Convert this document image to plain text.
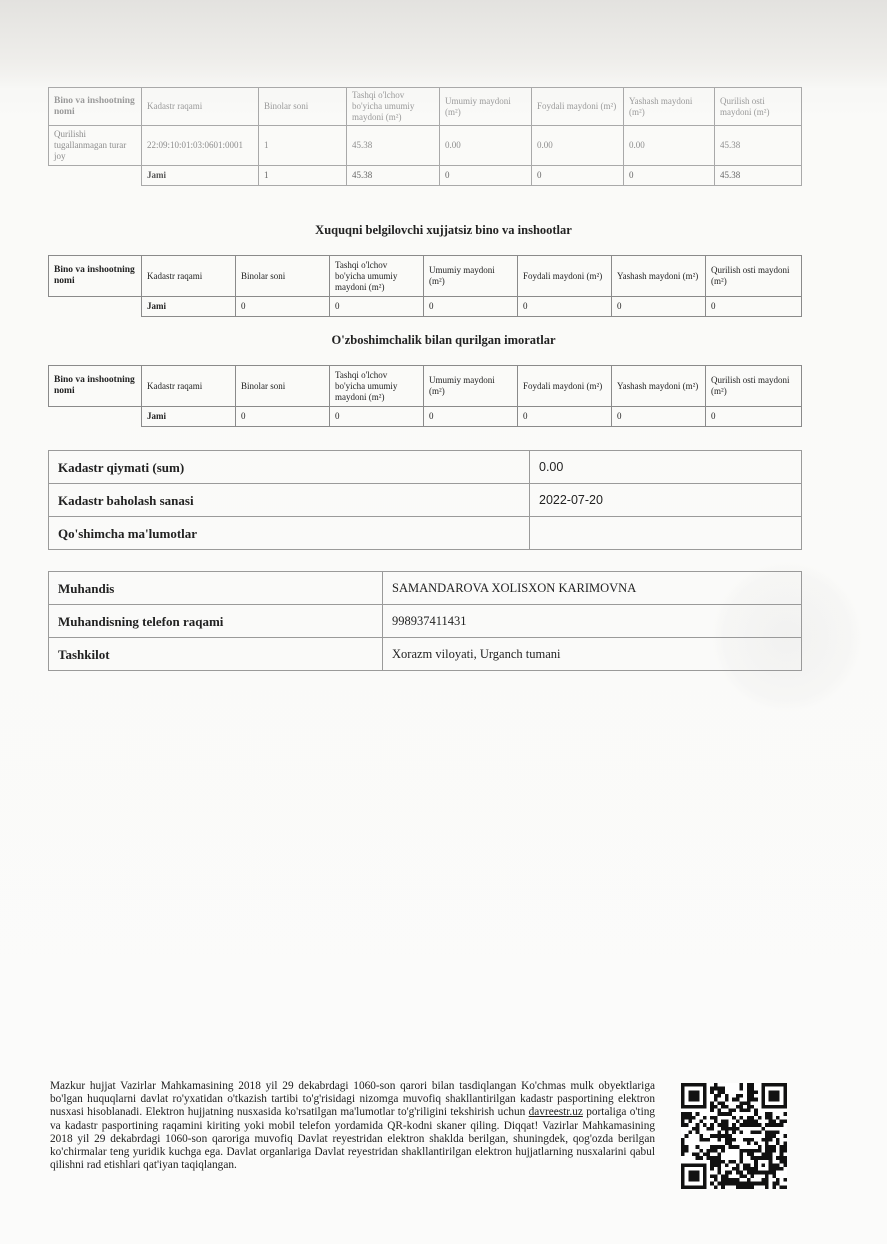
Bino va inshootning nomi	Kadastr raqami	Binolar soni	Tashqi o'lchov bo'yicha umumiy maydoni (m²)	Umumiy maydoni (m²)	Foydali maydoni (m²)	Yashash maydoni (m²)	Qurilish osti maydoni (m²)
Qurilishi tugallanmagan turar joy	22:09:10:01:03:0601:0001	1	45.38	0.00	0.00	0.00	45.38
	Jami	1	45.38	0	0	0	45.38
Xuquqni belgilovchi xujjatsiz bino va inshootlar
Bino va inshootning nomi	Kadastr raqami	Binolar soni	Tashqi o'lchov bo'yicha umumiy maydoni (m²)	Umumiy maydoni (m²)	Foydali maydoni (m²)	Yashash maydoni (m²)	Qurilish osti maydoni (m²)
	Jami	0	0	0	0	0	0
O'zboshimchalik bilan qurilgan imoratlar
Bino va inshootning nomi	Kadastr raqami	Binolar soni	Tashqi o'lchov bo'yicha umumiy maydoni (m²)	Umumiy maydoni (m²)	Foydali maydoni (m²)	Yashash maydoni (m²)	Qurilish osti maydoni (m²)
	Jami	0	0	0	0	0	0
Kadastr qiymati (sum)	0.00
Kadastr baholash sanasi	2022-07-20
Qo'shimcha ma'lumotlar	
Muhandis	SAMANDAROVA XOLISXON KARIMOVNA
Muhandisning telefon raqami	998937411431
Tashkilot	Xorazm viloyati, Urganch tumani
Mazkur hujjat Vazirlar Mahkamasining 2018 yil 29 dekabrdagi 1060-son qarori bilan tasdiqlangan Ko'chmas mulk obyektlariga bo'lgan huquqlarni davlat ro'yxatidan o'tkazish tartibi to'g'risidagi nizomga muvofiq shakllantirilgan kadastr pasportining elektron nusxasi hisoblanadi. Elektron hujjatning nusxasida ko'rsatilgan ma'lumotlar to'g'riligini tekshirish uchun davreestr.uz portaliga o'ting va kadastr pasportining raqamini kiriting yoki mobil telefon yordamida QR-kodni skaner qiling. Diqqat! Vazirlar Mahkamasining 2018 yil 29 dekabrdagi 1060-son qaroriga muvofiq Davlat reyestridan elektron shaklda berilgan, shuningdek, qog'ozda berilgan ko'chirmalar teng yuridik kuchga ega. Davlat organlariga Davlat reyestridan shakllantirilgan elektron hujjatlarning nusxalarini qabul qilishni rad etishlari qat'iyan taqiqlangan.
